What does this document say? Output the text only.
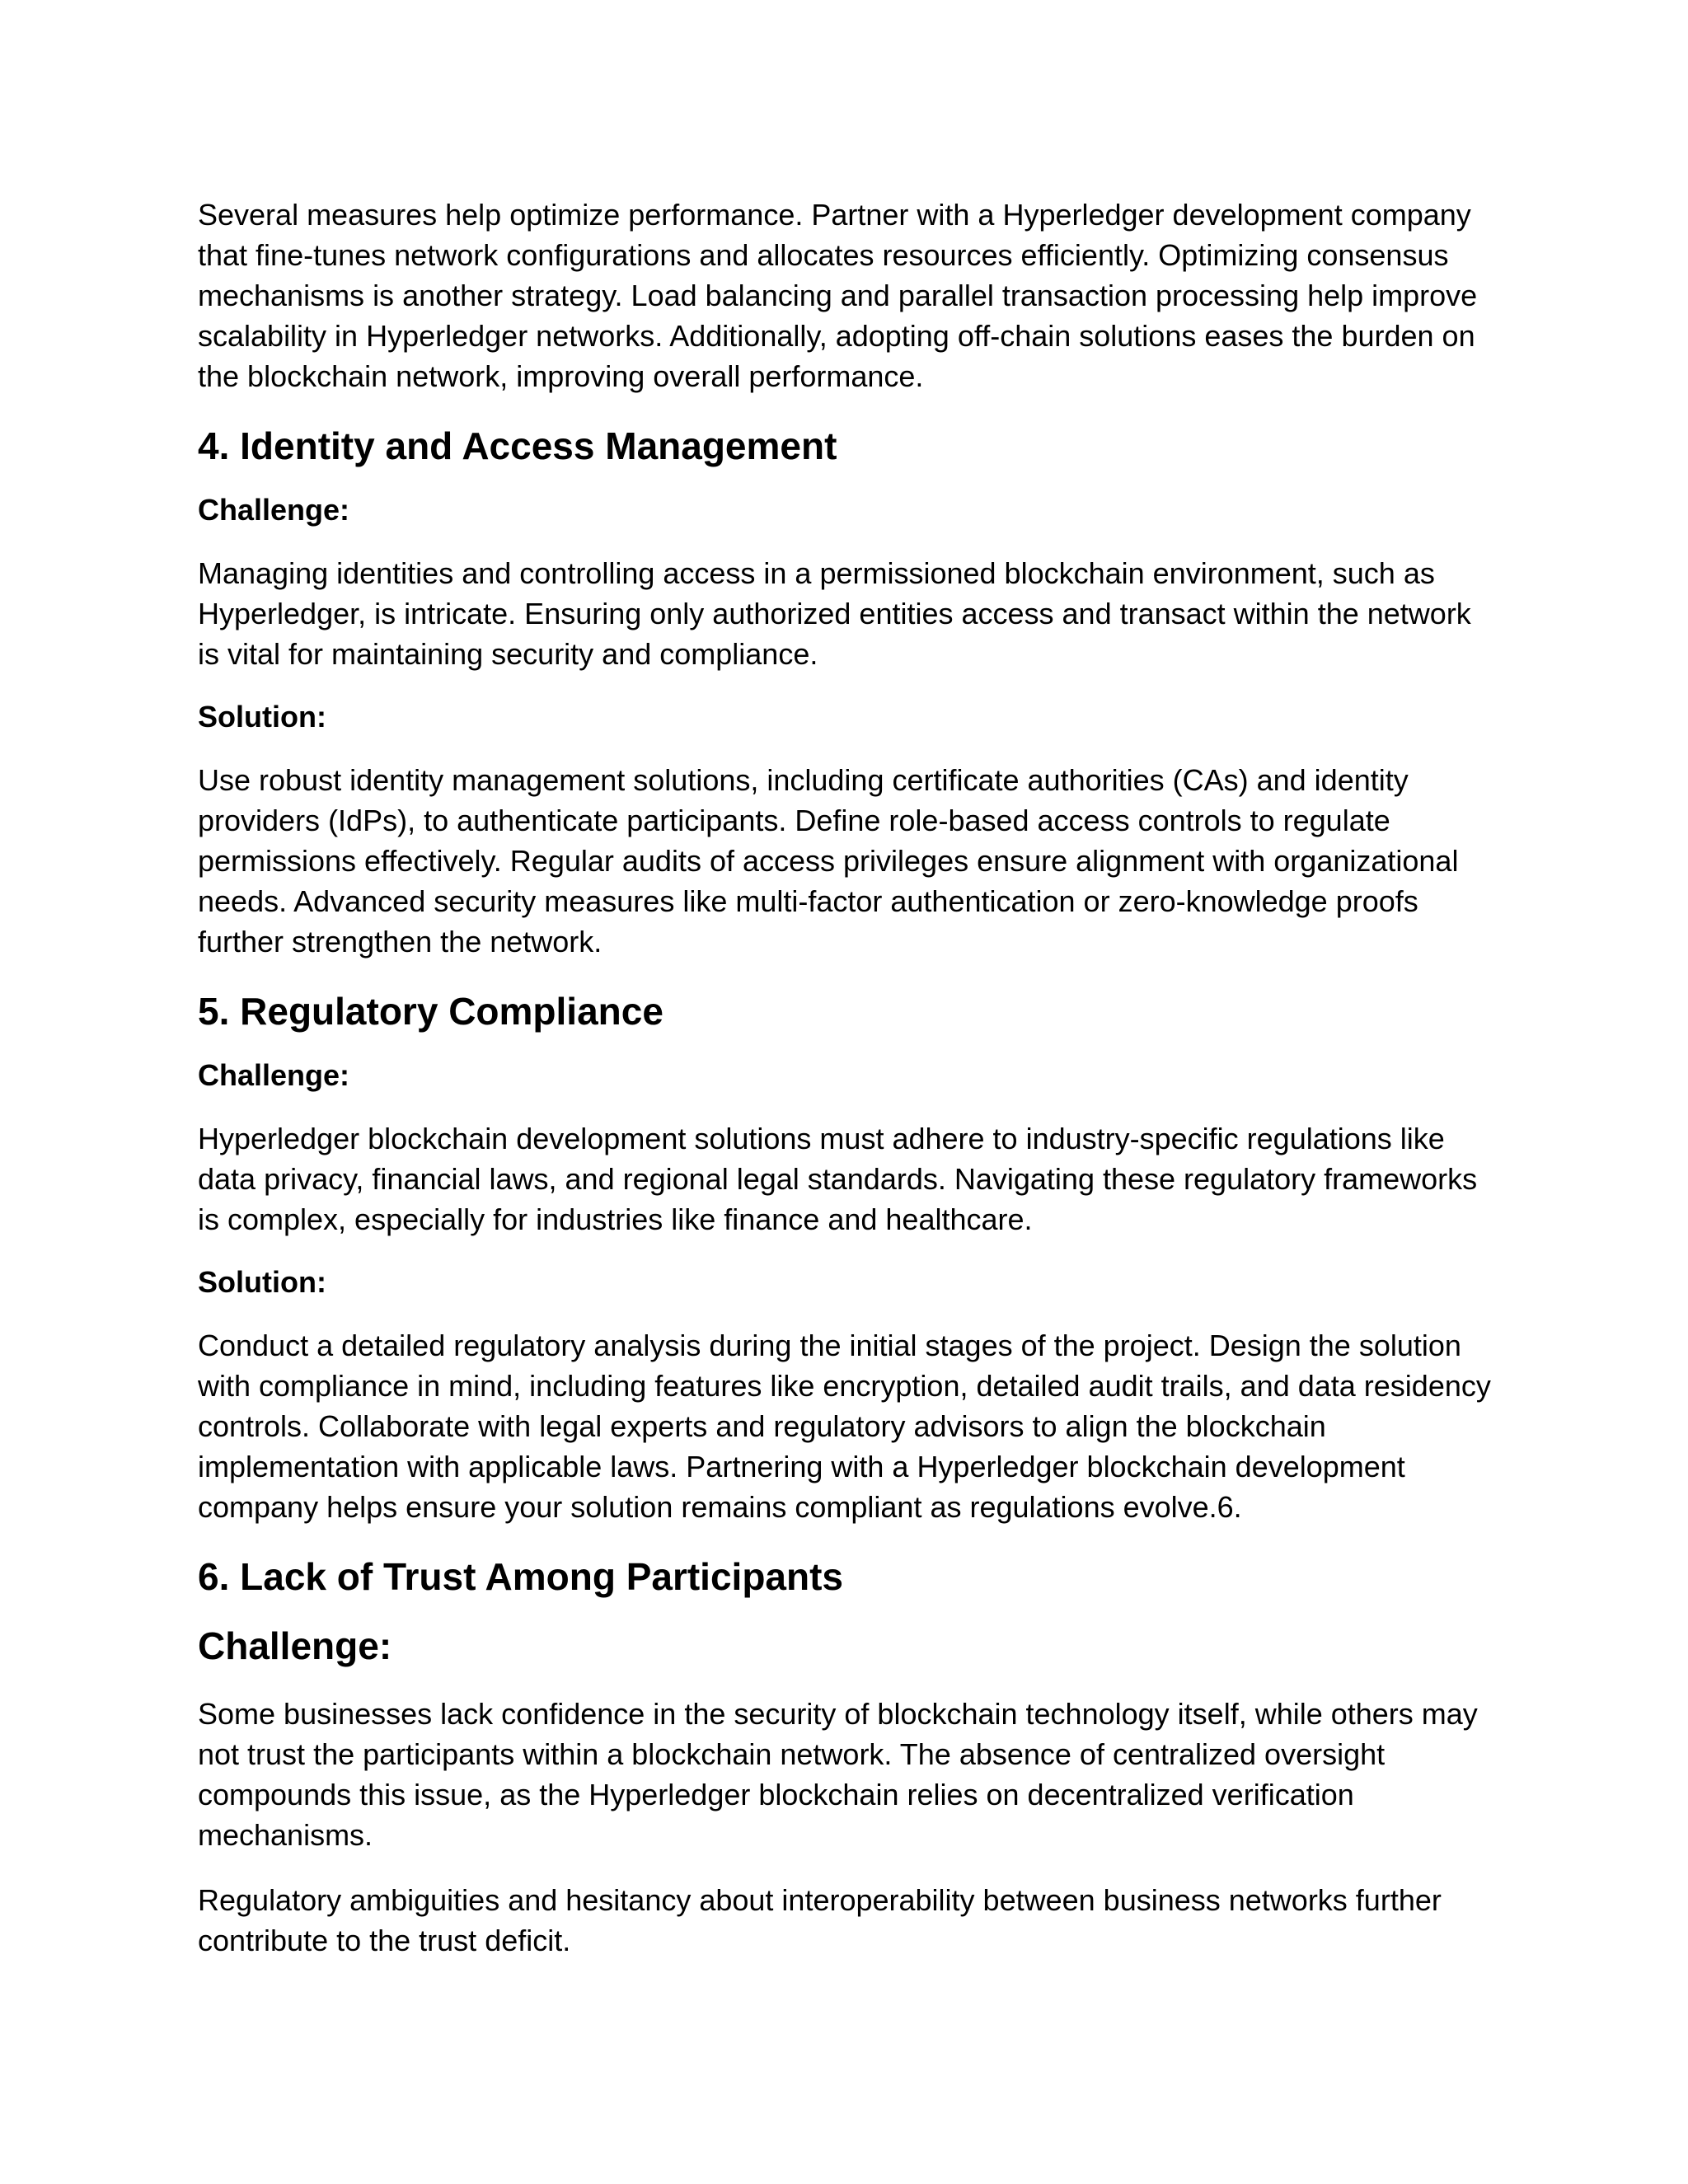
Several measures help optimize performance. Partner with a Hyperledger development company that fine-tunes network configurations and allocates resources efficiently. Optimizing consensus mechanisms is another strategy. Load balancing and parallel transaction processing help improve scalability in Hyperledger networks. Additionally, adopting off-chain solutions eases the burden on the blockchain network, improving overall performance.

4. Identity and Access Management
Challenge:

Managing identities and controlling access in a permissioned blockchain environment, such as Hyperledger, is intricate. Ensuring only authorized entities access and transact within the network is vital for maintaining security and compliance.

Solution:

Use robust identity management solutions, including certificate authorities (CAs) and identity providers (IdPs), to authenticate participants. Define role-based access controls to regulate permissions effectively. Regular audits of access privileges ensure alignment with organizational needs. Advanced security measures like multi-factor authentication or zero-knowledge proofs further strengthen the network.

5. Regulatory Compliance
Challenge:

Hyperledger blockchain development solutions must adhere to industry-specific regulations like data privacy, financial laws, and regional legal standards. Navigating these regulatory frameworks is complex, especially for industries like finance and healthcare.

Solution:

Conduct a detailed regulatory analysis during the initial stages of the project. Design the solution with compliance in mind, including features like encryption, detailed audit trails, and data residency controls. Collaborate with legal experts and regulatory advisors to align the blockchain implementation with applicable laws. Partnering with a Hyperledger blockchain development company helps ensure your solution remains compliant as regulations evolve.6.

6. Lack of Trust Among Participants
Challenge:

Some businesses lack confidence in the security of blockchain technology itself, while others may not trust the participants within a blockchain network. The absence of centralized oversight compounds this issue, as the Hyperledger blockchain relies on decentralized verification mechanisms.

Regulatory ambiguities and hesitancy about interoperability between business networks further contribute to the trust deficit.
